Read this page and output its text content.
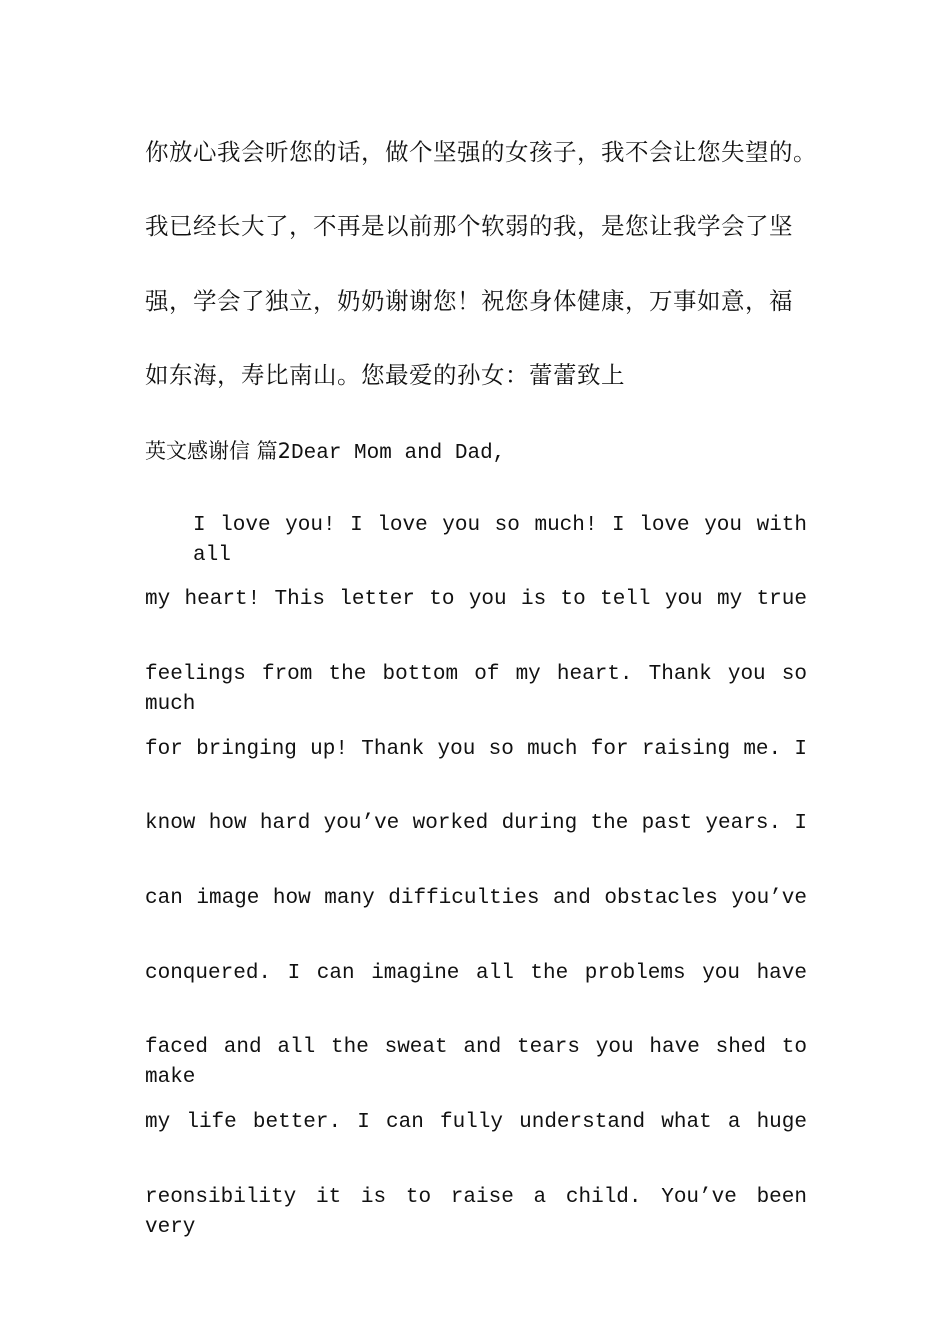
你放心我会听您的话，做个坚强的女孩子，我不会让您失望的。
我已经长大了，不再是以前那个软弱的我，是您让我学会了坚
强，学会了独立，奶奶谢谢您！祝您身体健康，万事如意，福
如东海，寿比南山。您最爱的孙女：蕾蕾致上
英文感谢信 篇2Dear Mom and Dad,
I love you! I love you so much! I love you with all
my heart! This letter to you is to tell you my true
feelings from the bottom of my heart. Thank you so much
for bringing up! Thank you so much for raising me. I
know how hard you’ve worked during the past years. I
can image how many difficulties and obstacles you’ve
conquered. I can imagine all the problems you have
faced and all the sweat and tears you have shed to make
my life better. I can fully understand what a huge
reonsibility it is to raise a child. You’ve been very
